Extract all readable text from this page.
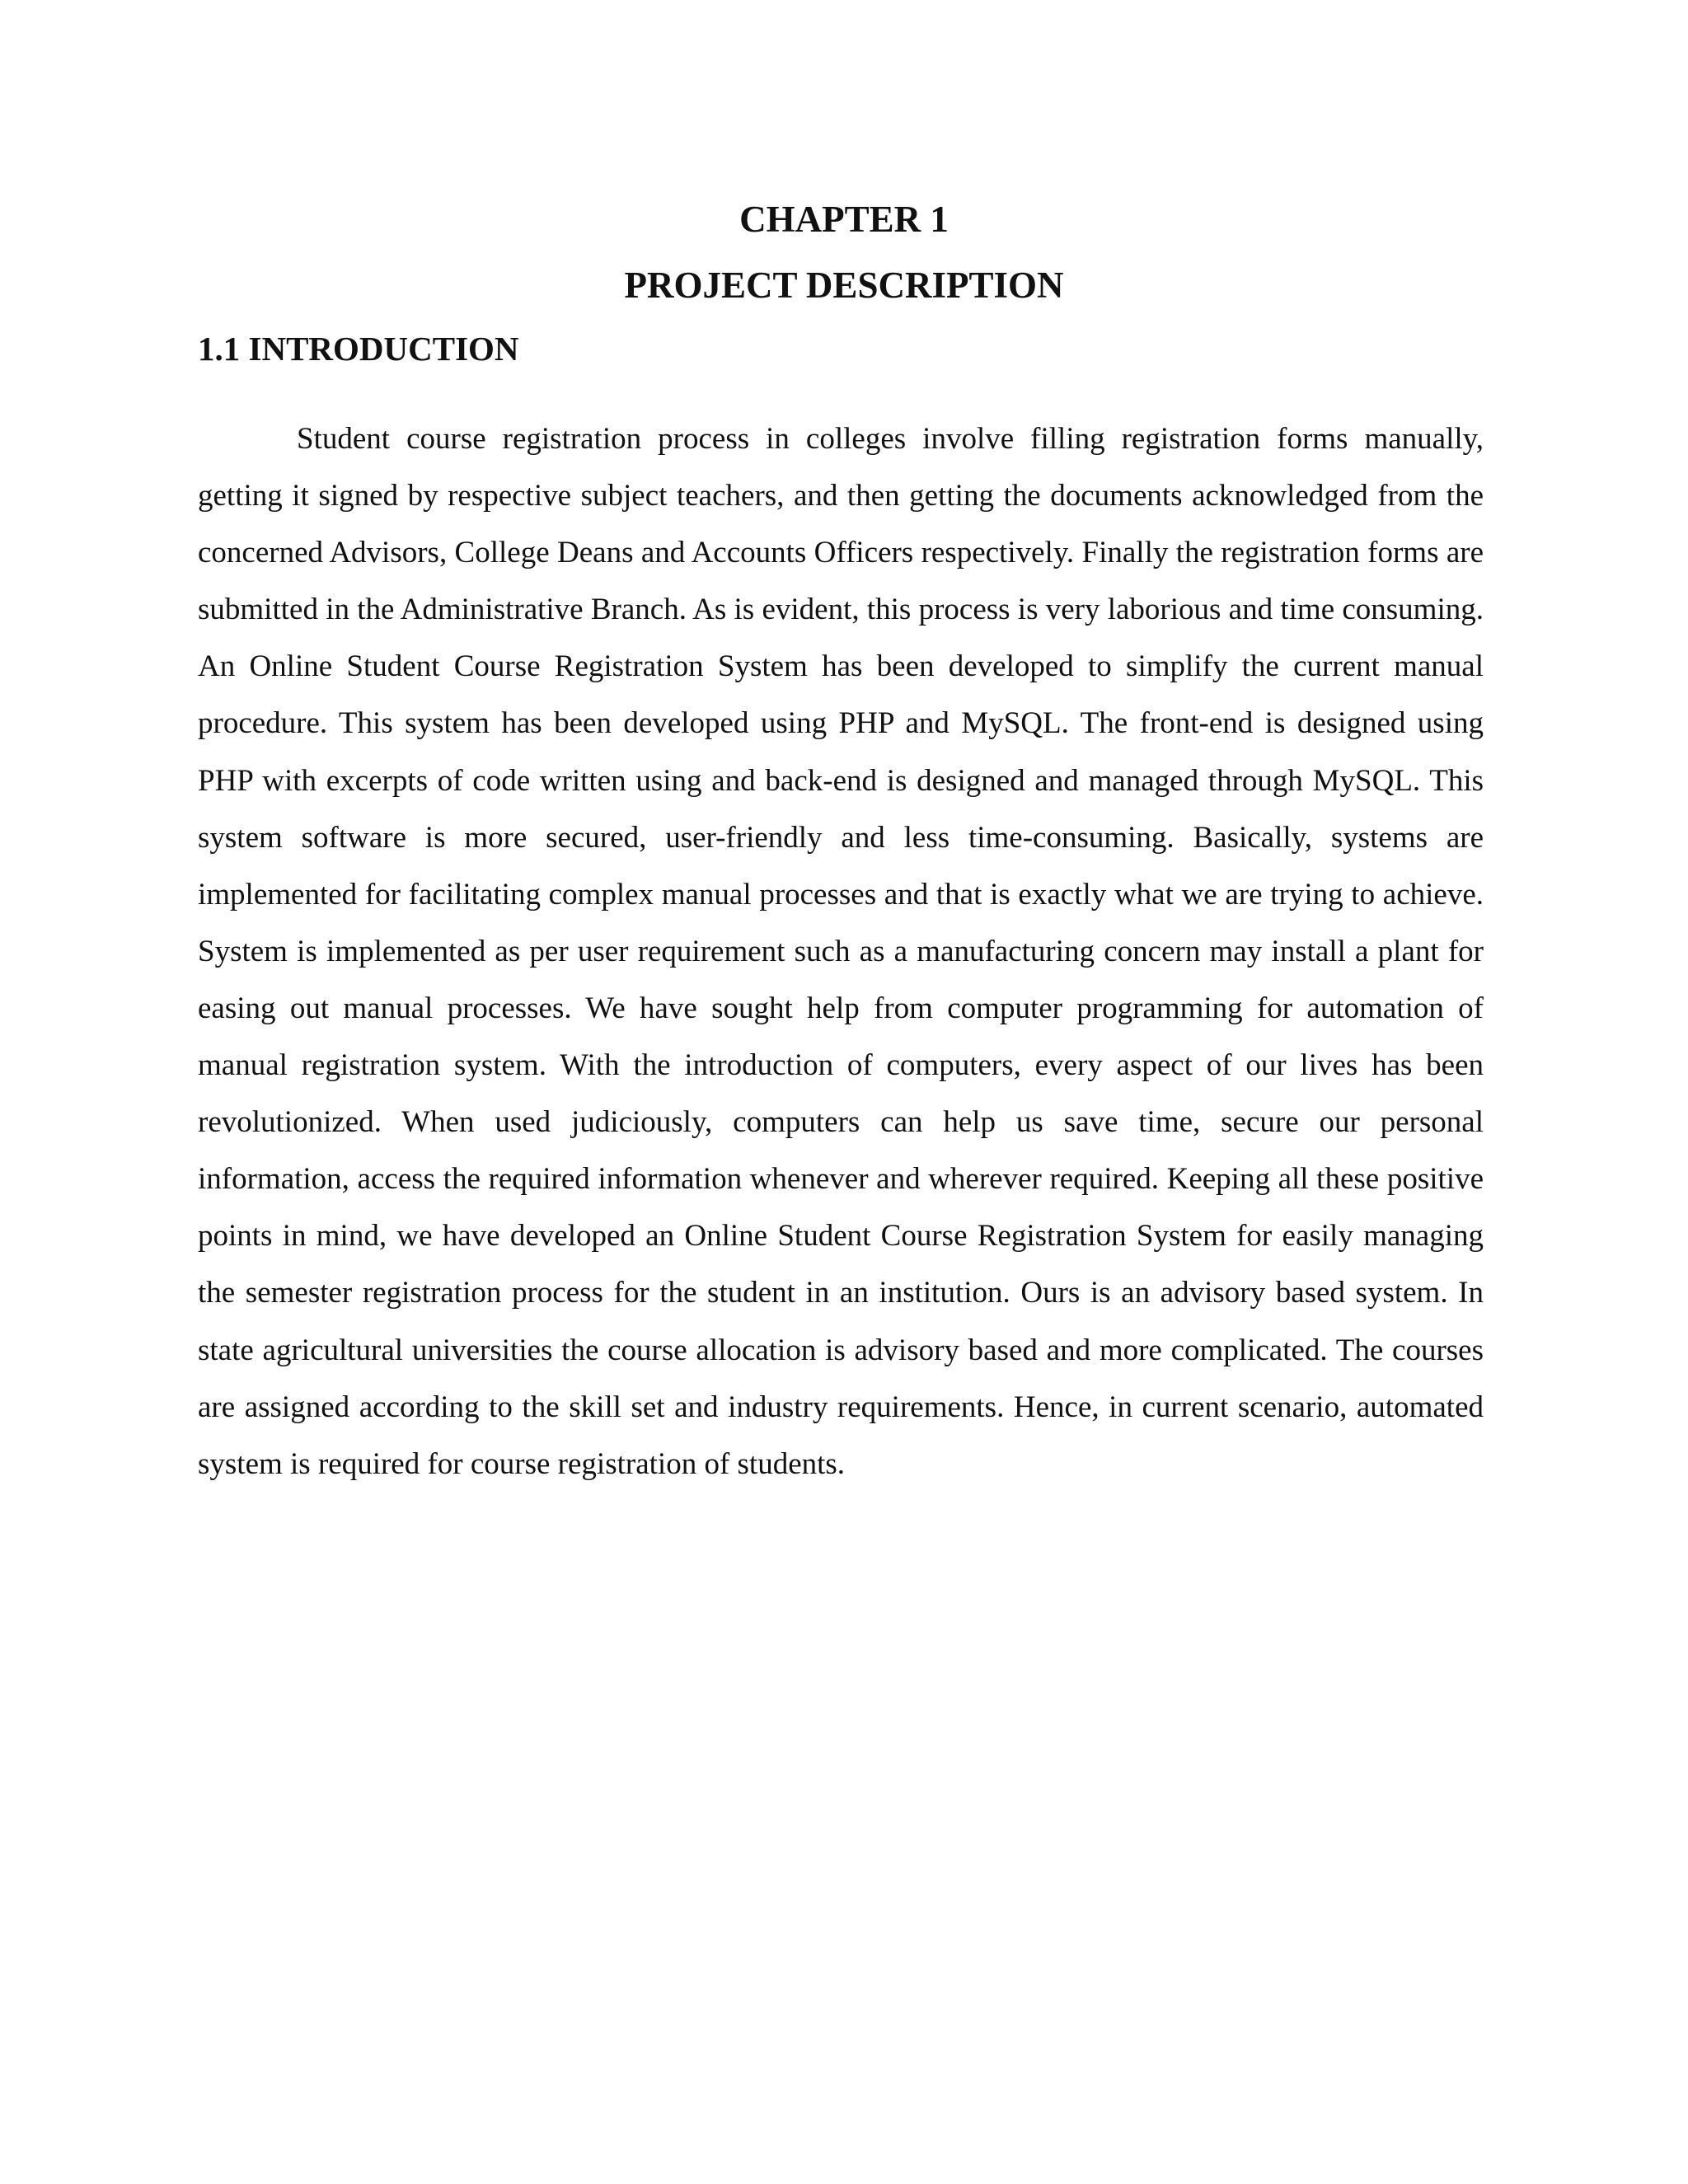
CHAPTER 1
PROJECT DESCRIPTION
1.1 INTRODUCTION

Student course registration process in colleges involve filling registration forms manually, getting it signed by respective subject teachers, and then getting the documents acknowledged from the concerned Advisors, College Deans and Accounts Officers respectively. Finally the registration forms are submitted in the Administrative Branch. As is evident, this process is very laborious and time consuming. An Online Student Course Registration System has been developed to simplify the current manual procedure. This system has been developed using PHP and MySQL. The front-end is designed using PHP with excerpts of code written using and back-end is designed and managed through MySQL. This system software is more secured, user-friendly and less time-consuming. Basically, systems are implemented for facilitating complex manual processes and that is exactly what we are trying to achieve. System is implemented as per user requirement such as a manufacturing concern may install a plant for easing out manual processes. We have sought help from computer programming for automation of manual registration system. With the introduction of computers, every aspect of our lives has been revolutionized. When used judiciously, computers can help us save time, secure our personal information, access the required information whenever and wherever required. Keeping all these positive points in mind, we have developed an Online Student Course Registration System for easily managing the semester registration process for the student in an institution. Ours is an advisory based system. In state agricultural universities the course allocation is advisory based and more complicated. The courses are assigned according to the skill set and industry requirements. Hence, in current scenario, automated system is required for course registration of students.
